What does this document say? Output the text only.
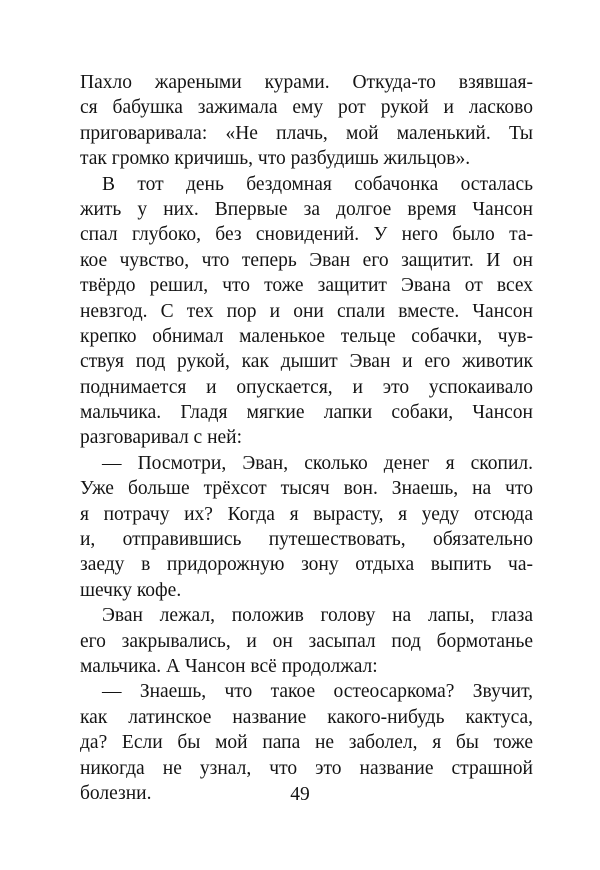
Пахло жареными курами. Откуда-то взявшая-
ся бабушка зажимала ему рот рукой и ласково
приговаривала: «Не плачь, мой маленький. Ты
так громко кричишь, что разбудишь жильцов».
В тот день бездомная собачонка осталась
жить у них. Впервые за долгое время Чансон
спал глубоко, без сновидений. У него было та-
кое чувство, что теперь Эван его защитит. И он
твёрдо решил, что тоже защитит Эвана от всех
невзгод. С тех пор и они спали вместе. Чансон
крепко обнимал маленькое тельце собачки, чув-
ствуя под рукой, как дышит Эван и его животик
поднимается и опускается, и это успокаивало
мальчика. Гладя мягкие лапки собаки, Чансон
разговаривал с ней:
— Посмотри, Эван, сколько денег я скопил.
Уже больше трёхсот тысяч вон. Знаешь, на что
я потрачу их? Когда я вырасту, я уеду отсюда
и, отправившись путешествовать, обязательно
заеду в придорожную зону отдыха выпить ча-
шечку кофе.
Эван лежал, положив голову на лапы, глаза
его закрывались, и он засыпал под бормотанье
мальчика. А Чансон всё продолжал:
— Знаешь, что такое остеосаркома? Звучит,
как латинское название какого-нибудь кактуса,
да? Если бы мой папа не заболел, я бы тоже
никогда не узнал, что это название страшной
болезни.	49
